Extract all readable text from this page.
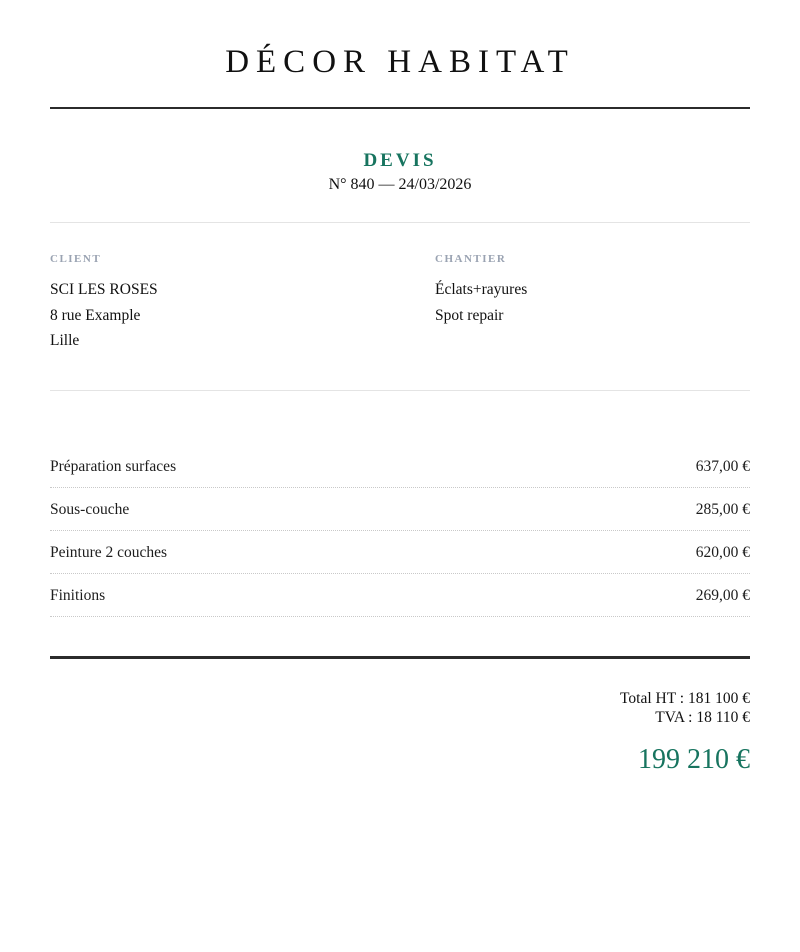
DÉCOR HABITAT
DEVIS
N° 840 — 24/03/2026
CLIENT
SCI LES ROSES
8 rue Example
Lille
CHANTIER
Éclats+rayures
Spot repair
Préparation surfaces	637,00 €
Sous-couche	285,00 €
Peinture 2 couches	620,00 €
Finitions	269,00 €
Total HT : 181 100 €
TVA : 18 110 €
199 210 €
